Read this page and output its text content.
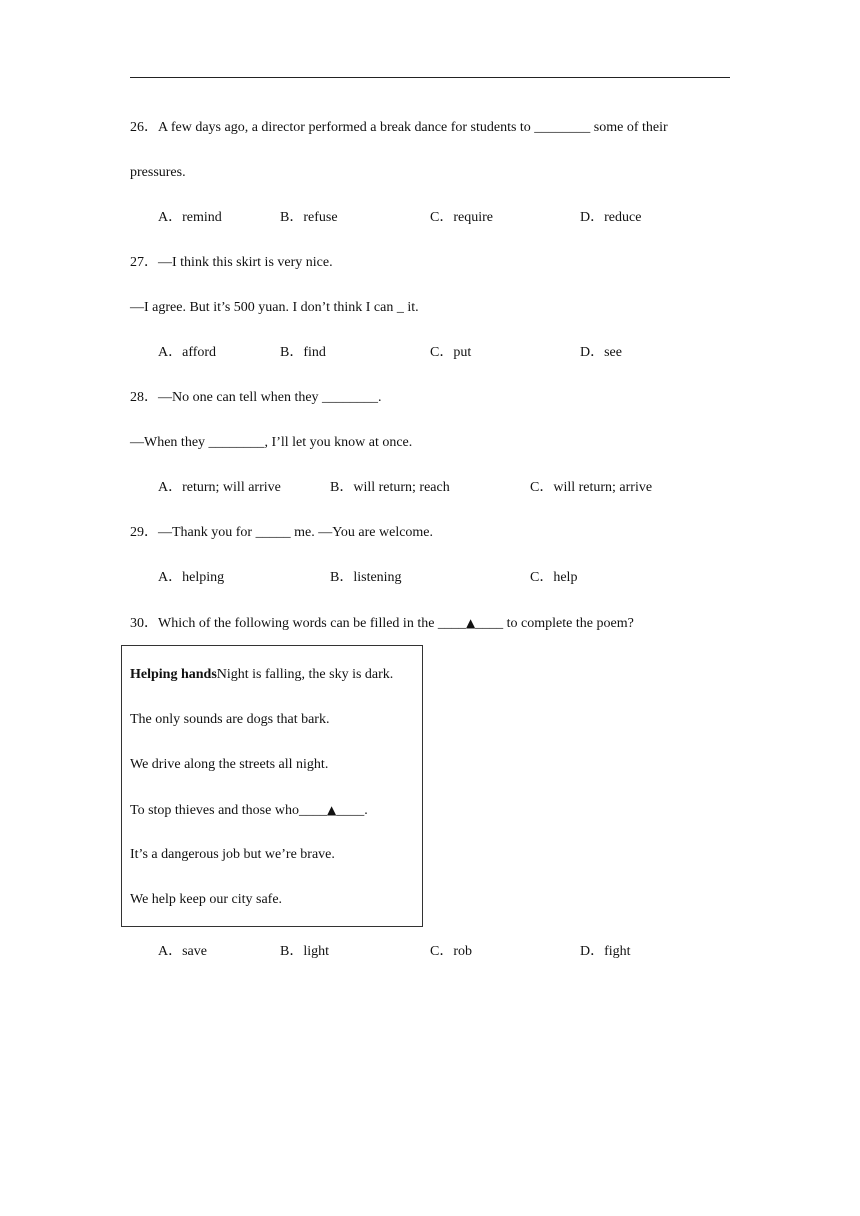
26．A few days ago, a director performed a break dance for students to ________ some of their
pressures.
A．remind	B．refuse	C．require	D．reduce
27．—I think this skirt is very nice.
—I agree. But it’s 500 yuan. I don’t think I can _ it.
A．afford	B．find	C．put	D．see
28．—No one can tell when they ________.
—When they ________, I’ll let you know at once.
A．return; will arrive	B．will return; reach	C．will return; arrive
29．—Thank you for _____ me. —You are welcome.
A．helping	B．listening	C．help
30．Which of the following words can be filled in the ____▲____ to complete the poem?
Helping handsNight is falling, the sky is dark.
The only sounds are dogs that bark.
We drive along the streets all night.
To stop thieves and those who____▲____.
It’s a dangerous job but we’re brave.
We help keep our city safe.
A．save	B．light	C．rob	D．fight
